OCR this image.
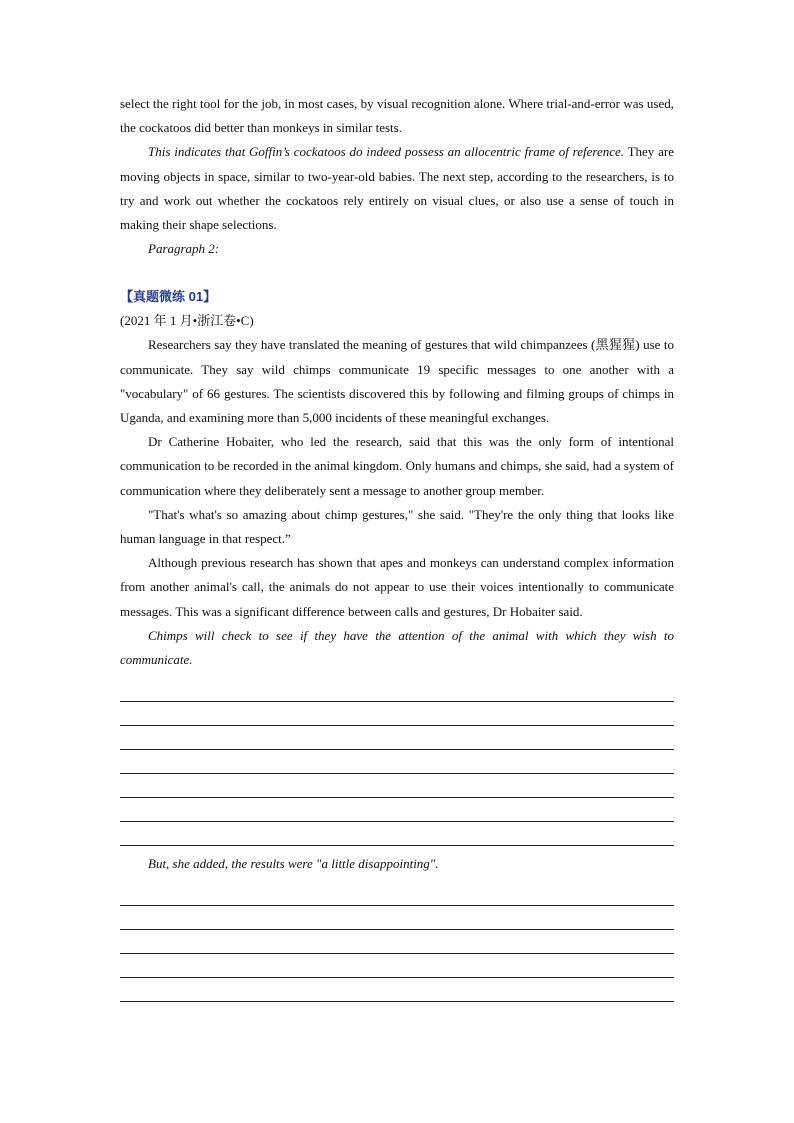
select the right tool for the job, in most cases, by visual recognition alone. Where trial-and-error was used, the cockatoos did better than monkeys in similar tests.

This indicates that Goffin’s cockatoos do indeed possess an allocentric frame of reference. They are moving objects in space, similar to two-year-old babies. The next step, according to the researchers, is to try and work out whether the cockatoos rely entirely on visual clues, or also use a sense of touch in making their shape selections.

Paragraph 2:

【真题微练 01】

(2021 年 1 月•浙江卷•C)

Researchers say they have translated the meaning of gestures that wild chimpanzees (黑猩猩) use to communicate. They say wild chimps communicate 19 specific messages to one another with a "vocabulary" of 66 gestures. The scientists discovered this by following and filming groups of chimps in Uganda, and examining more than 5,000 incidents of these meaningful exchanges.

Dr Catherine Hobaiter, who led the research, said that this was the only form of intentional communication to be recorded in the animal kingdom. Only humans and chimps, she said, had a system of communication where they deliberately sent a message to another group member.

"That's what's so amazing about chimp gestures," she said. "They're the only thing that looks like human language in that respect.”

Although previous research has shown that apes and monkeys can understand complex information from another animal's call, the animals do not appear to use their voices intentionally to communicate messages. This was a significant difference between calls and gestures, Dr Hobaiter said.

Chimps will check to see if they have the attention of the animal with which they wish to communicate.

But, she added, the results were "a little disappointing".
